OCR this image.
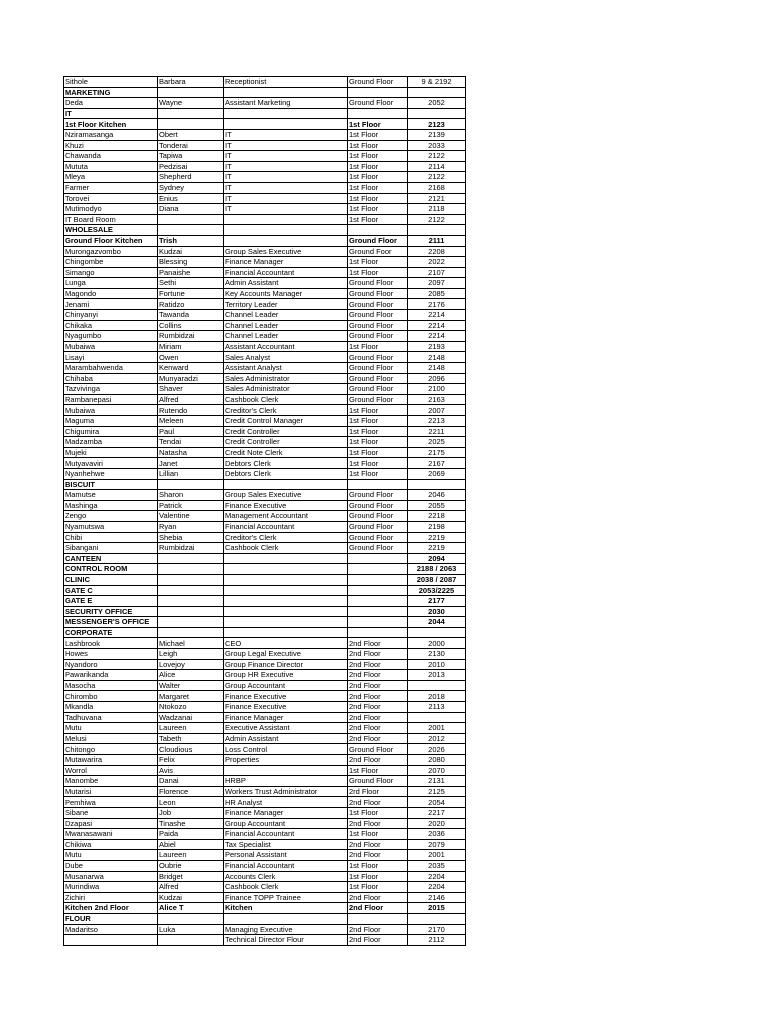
Sithole	Barbara	Receptionist	Ground Floor	9 & 2192
MARKETING				
Deda	Wayne	Assistant Marketing	Ground Floor	2052
IT				
1st Floor Kitchen			1st Floor	2123
Nziramasanga	Obert	IT	1st Floor	2139
Khuzi	Tonderai	IT	1st Floor	2033
Chawanda	Tapiwa	IT	1st Floor	2122
Mututa	Pedzisai	IT	1st Floor	2114
Mleya	Shepherd	IT	1st Floor	2122
Farmer	Sydney	IT	1st Floor	2168
Torovei	Enius	IT	1st Floor	2121
Mutimodyo	Diana	IT	1st Floor	2118
IT Board Room			1st Floor	2122
WHOLESALE				
Ground Floor Kitchen	Trish		Ground Floor	2111
Murongazvombo	Kudzai	Group Sales Executive	Ground Foor	2208
Chingombe	Blessing	Finance Manager	1st Floor	2022
Simango	Panaishe	Financial Accountant	1st Floor	2107
Lunga	Sethi	Admin Assistant	Ground Floor	2097
Magondo	Fortune	Key Accounts Manager	Ground Floor	2085
Jenami	Ratidzo	Territory Leader	Ground Floor	2176
Chinyanyi	Tawanda	Channel Leader	Ground Floor	2214
Chikaka	Collins	Channel Leader	Ground Floor	2214
Nyagumbo	Rumbidzai	Channel Leader	Ground Floor	2214
Mubaiwa	Miriam	Assistant Accountant	1st Floor	2193
Lisayi	Owen	Sales Analyst	Ground Floor	2148
Marambahwenda	Kenward	Assistant Analyst	Ground Floor	2148
Chihaba	Munyaradzi	Sales Administrator	Ground Floor	2096
Tazvivinga	Shaver	Sales Administrator	Ground Floor	2100
Rambanepasi	Alfred	Cashbook Clerk	Ground Floor	2163
Mubaiwa	Rutendo	Creditor's Clerk	1st Floor	2007
Maguma	Meleen	Credit Control Manager	1st Floor	2213
Chigumira	Paul	Credit Controller	1st Floor	2211
Madzamba	Tendai	Credit Controller	1st Floor	2025
Mujeki	Natasha	Credit Note Clerk	1st Floor	2175
Mutyavaviri	Janet	Debtors Clerk	1st Floor	2167
Nyanhehwe	Lillian	Debtors Clerk	1st Floor	2069
BISCUIT				
Mamutse	Sharon	Group Sales Executive	Ground Floor	2046
Mashinga	Patrick	Finance Executive	Ground Floor	2055
Zengo	Valentine	Management Accountant	Ground Floor	2218
Nyamutswa	Ryan	Financial Accountant	Ground Floor	2198
Chibi	Shebia	Creditor's Clerk	Ground Floor	2219
Sibangani	Rumbidzai	Cashbook Clerk	Ground Floor	2219
CANTEEN				2094
CONTROL ROOM				2188 / 2063
CLINIC				2038 / 2087
GATE C				2053/2225
GATE E				2177
SECURITY OFFICE				2030
MESSENGER'S OFFICE				2044
CORPORATE				
Lashbrook	Michael	CEO	2nd Floor	2000
Howes	Leigh	Group Legal Executive	2nd Floor	2130
Nyandoro	Lovejoy	Group Finance Director	2nd Floor	2010
Pawarikanda	Alice	Group HR Executive	2nd Floor	2013
Masocha	Walter	Group Accountant	2nd Floor	
Chirombo	Margaret	Finance Executive	2nd Floor	2018
Mkandla	Ntokozo	Finance Executive	2nd Floor	2113
Tadhuvana	Wadzanai	Finance Manager	2nd Floor	
Mutu	Laureen	Executive Assistant	2nd Floor	2001
Melusi	Tabeth	Admin Assistant	2nd Floor	2012
Chitongo	Cloudious	Loss Control	Ground Floor	2026
Mutawarira	Felix	Properties	2nd Floor	2080
Worrol	Avis		1st Floor	2070
Manombe	Danai	HRBP	Ground Floor	2131
Mutarisi	Florence	Workers Trust Administrator	2rd Floor	2125
Pemhiwa	Leon	HR Analyst	2nd Floor	2054
Sibane	Job	Finance Manager	1st Floor	2217
Dzapasi	Tinashe	Group Accountant	2nd Floor	2020
Mwanasawani	Paida	Financial Accountant	1st Floor	2036
Chikiwa	Abiel	Tax Specialist	2nd Floor	2079
Mutu	Laureen	Personal Assistant	2nd Floor	2001
Dube	Oubrie	Financial Accountant	1st Floor	2035
Musanarwa	Bridget	Accounts Clerk	1st Floor	2204
Murindiwa	Alfred	Cashbook Clerk	1st Floor	2204
Zichiri	Kudzai	Finance TOPP Trainee	2nd Floor	2146
Kitchen 2nd Floor	Alice T	Kitchen	2nd Floor	2015
FLOUR				
Madaritso	Luka	Managing Executive	2nd Floor	2170
		Technical Director Flour	2nd Floor	2112
